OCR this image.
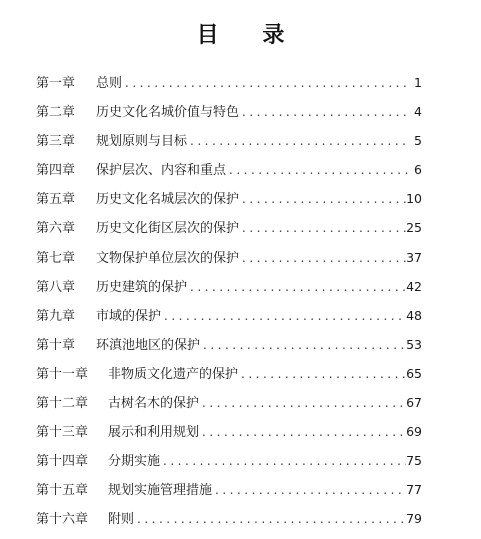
目 录
第一章	总则 .....	1
第二章	历史文化名城价值与特色 .....	4
第三章	规划原则与目标 .....	5
第四章	保护层次、内容和重点 .....	6
第五章	历史文化名城层次的保护 .....	10
第六章	历史文化街区层次的保护 .....	25
第七章	文物保护单位层次的保护 .....	37
第八章	历史建筑的保护 .....	42
第九章	市域的保护 .....	48
第十章	环滇池地区的保护 .....	53
第十一章	非物质文化遗产的保护 .....	65
第十二章	古树名木的保护 .....	67
第十三章	展示和利用规划 .....	69
第十四章	分期实施 .....	75
第十五章	规划实施管理措施 .....	77
第十六章	附则 .....	79
